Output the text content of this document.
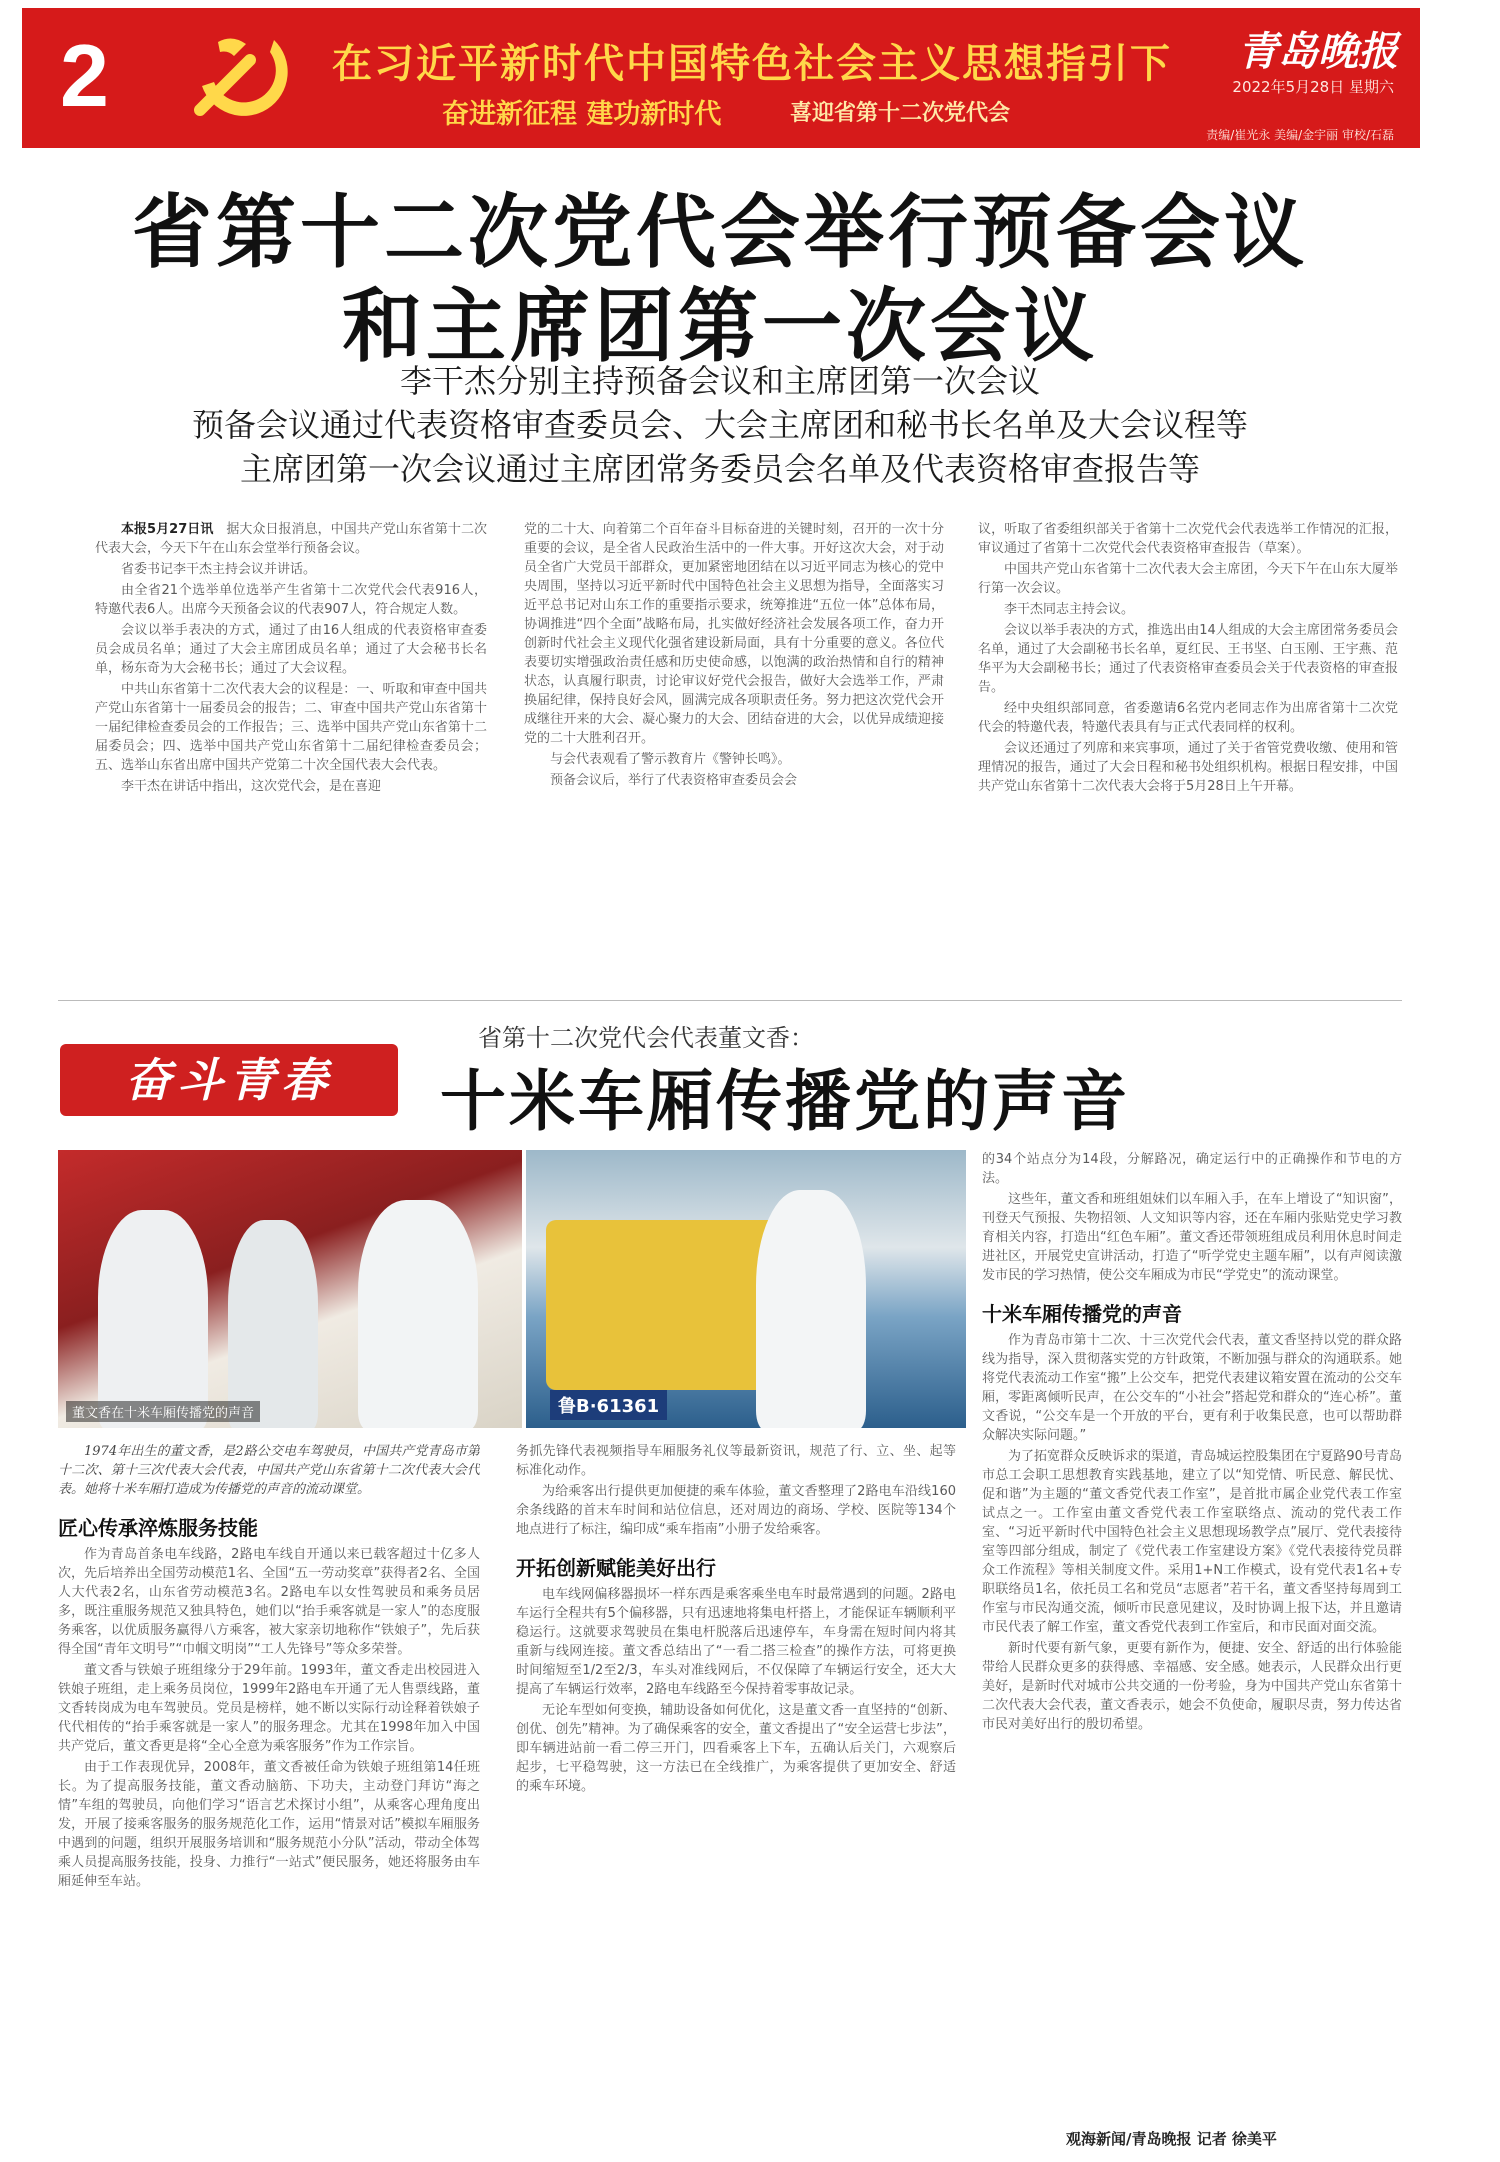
2	在习近平新时代中国特色社会主义思想指引下
奋进新征程 建功新时代	喜迎省第十二次党代会
青岛晚报
2022年5月28日 星期六
责编/崔光永 美编/金宇丽 审校/石磊
省第十二次党代会举行预备会议
和主席团第一次会议
李干杰分别主持预备会议和主席团第一次会议
预备会议通过代表资格审查委员会、大会主席团和秘书长名单及大会议程等
主席团第一次会议通过主席团常务委员会名单及代表资格审查报告等

本报5月27日讯　 据大众日报消息，中国共产党山东省第十二次代表大会，今天下午在山东会堂举行预备会议。

省委书记李干杰主持会议并讲话。

由全省21个选举单位选举产生省第十二次党代会代表916人，特邀代表6人。出席今天预备会议的代表907人，符合规定人数。

会议以举手表决的方式，通过了由16人组成的代表资格审查委员会成员名单；通过了大会主席团成员名单；通过了大会秘书长名单，杨东奇为大会秘书长；通过了大会议程。

中共山东省第十二次代表大会的议程是：一、听取和审查中国共产党山东省第十一届委员会的报告；二、审查中国共产党山东省第十一届纪律检查委员会的工作报告；三、选举中国共产党山东省第十二届委员会；四、选举中国共产党山东省第十二届纪律检查委员会；五、选举山东省出席中国共产党第二十次全国代表大会代表。

李干杰在讲话中指出，这次党代会，是在喜迎

党的二十大、向着第二个百年奋斗目标奋进的关键时刻，召开的一次十分重要的会议，是全省人民政治生活中的一件大事。开好这次大会，对于动员全省广大党员干部群众，更加紧密地团结在以习近平同志为核心的党中央周围，坚持以习近平新时代中国特色社会主义思想为指导，全面落实习近平总书记对山东工作的重要指示要求，统筹推进“五位一体”总体布局，协调推进“四个全面”战略布局，扎实做好经济社会发展各项工作，奋力开创新时代社会主义现代化强省建设新局面，具有十分重要的意义。各位代表要切实增强政治责任感和历史使命感，以饱满的政治热情和自行的精神状态，认真履行职责，讨论审议好党代会报告，做好大会选举工作，严肃换届纪律，保持良好会风，圆满完成各项职责任务。努力把这次党代会开成继往开来的大会、凝心聚力的大会、团结奋进的大会，以优异成绩迎接党的二十大胜利召开。

与会代表观看了警示教育片《警钟长鸣》。

预备会议后，举行了代表资格审查委员会会

议，听取了省委组织部关于省第十二次党代会代表选举工作情况的汇报，审议通过了省第十二次党代会代表资格审查报告（草案）。

中国共产党山东省第十二次代表大会主席团，今天下午在山东大厦举行第一次会议。

李干杰同志主持会议。

会议以举手表决的方式，推选出由14人组成的大会主席团常务委员会名单，通过了大会副秘书长名单，夏红民、王书坚、白玉刚、王宇燕、范华平为大会副秘书长；通过了代表资格审查委员会关于代表资格的审查报告。

经中央组织部同意，省委邀请6名党内老同志作为出席省第十二次党代会的特邀代表，特邀代表具有与正式代表同样的权利。

会议还通过了列席和来宾事项，通过了关于省管党费收缴、使用和管理情况的报告，通过了大会日程和秘书处组织机构。根据日程安排，中国共产党山东省第十二次代表大会将于5月28日上午开幕。

省第十二次党代会代表董文香：
奋斗青春	十米车厢传播党的声音
董文香在十米车厢传播党的声音	鲁B·61361

1974年出生的董文香，是2路公交电车驾驶员，中国共产党青岛市第十二次、第十三次代表大会代表，中国共产党山东省第十二次代表大会代表。她将十米车厢打造成为传播党的声音的流动课堂。

匠心传承淬炼服务技能

作为青岛首条电车线路，2路电车线自开通以来已载客超过十亿多人次，先后培养出全国劳动模范1名、全国“五一劳动奖章”获得者2名、全国人大代表2名，山东省劳动模范3名。2路电车以女性驾驶员和乘务员居多，既注重服务规范又独具特色，她们以“抬手乘客就是一家人”的态度服务乘客，以优质服务赢得八方乘客，被大家亲切地称作“铁娘子”，先后获得全国“青年文明号”“巾帼文明岗”“工人先锋号”等众多荣誉。

董文香与铁娘子班组缘分于29年前。1993年，董文香走出校园进入铁娘子班组，走上乘务员岗位，1999年2路电车开通了无人售票线路，董文香转岗成为电车驾驶员。党员是榜样，她不断以实际行动诠释着铁娘子代代相传的“抬手乘客就是一家人”的服务理念。尤其在1998年加入中国共产党后，董文香更是将“全心全意为乘客服务”作为工作宗旨。

由于工作表现优异，2008年，董文香被任命为铁娘子班组第14任班长。为了提高服务技能，董文香动脑筋、下功夫，主动登门拜访“海之情”车组的驾驶员，向他们学习“语言艺术探讨小组”，从乘客心理角度出发，开展了接乘客服务的服务规范化工作，运用“情景对话”模拟车厢服务中遇到的问题，组织开展服务培训和“服务规范小分队”活动，带动全体驾乘人员提高服务技能，投身、力推行“一站式”便民服务，她还将服务由车厢延伸至车站。

务抓先锋代表视频指导车厢服务礼仪等最新资讯，规范了行、立、坐、起等标准化动作。

为给乘客出行提供更加便捷的乘车体验，董文香整理了2路电车沿线160余条线路的首末车时间和站位信息，还对周边的商场、学校、医院等134个地点进行了标注，编印成“乘车指南”小册子发给乘客。

开拓创新赋能美好出行

电车线网偏移器损坏一样东西是乘客乘坐电车时最常遇到的问题。2路电车运行全程共有5个偏移器，只有迅速地将集电杆搭上，才能保证车辆顺利平稳运行。这就要求驾驶员在集电杆脱落后迅速停车，车身需在短时间内将其重新与线网连接。董文香总结出了“一看二搭三检查”的操作方法，可将更换时间缩短至1/2至2/3，车头对准线网后，不仅保障了车辆运行安全，还大大提高了车辆运行效率，2路电车线路至今保持着零事故记录。

无论车型如何变换，辅助设备如何优化，这是董文香一直坚持的“创新、创优、创先”精神。为了确保乘客的安全，董文香提出了“安全运营七步法”，即车辆进站前一看二停三开门，四看乘客上下车，五确认后关门，六观察后起步，七平稳驾驶，这一方法已在全线推广，为乘客提供了更加安全、舒适的乘车环境。

的34个站点分为14段，分解路况，确定运行中的正确操作和节电的方法。

这些年，董文香和班组姐妹们以车厢入手，在车上增设了“知识窗”，刊登天气预报、失物招领、人文知识等内容，还在车厢内张贴党史学习教育相关内容，打造出“红色车厢”。董文香还带领班组成员利用休息时间走进社区，开展党史宣讲活动，打造了“听学党史主题车厢”，以有声阅读激发市民的学习热情，使公交车厢成为市民“学党史”的流动课堂。

十米车厢传播党的声音

作为青岛市第十二次、十三次党代会代表，董文香坚持以党的群众路线为指导，深入贯彻落实党的方针政策，不断加强与群众的沟通联系。她将党代表流动工作室“搬”上公交车，把党代表建议箱安置在流动的公交车厢，零距离倾听民声，在公交车的“小社会”搭起党和群众的“连心桥”。董文香说，“公交车是一个开放的平台，更有利于收集民意，也可以帮助群众解决实际问题。”

为了拓宽群众反映诉求的渠道，青岛城运控股集团在宁夏路90号青岛市总工会职工思想教育实践基地，建立了以“知党情、听民意、解民忧、促和谐”为主题的“董文香党代表工作室”，是首批市属企业党代表工作室试点之一。工作室由董文香党代表工作室联络点、流动的党代表工作室、“习近平新时代中国特色社会主义思想现场教学点”展厅、党代表接待室等四部分组成，制定了《党代表工作室建设方案》《党代表接待党员群众工作流程》等相关制度文件。采用1+N工作模式，设有党代表1名+专职联络员1名，依托员工名和党员“志愿者”若干名，董文香坚持每周到工作室与市民沟通交流，倾听市民意见建议，及时协调上报下达，并且邀请市民代表了解工作室，董文香党代表到工作室后，和市民面对面交流。

新时代要有新气象，更要有新作为，便捷、安全、舒适的出行体验能带给人民群众更多的获得感、幸福感、安全感。她表示，人民群众出行更美好，是新时代对城市公共交通的一份考验，身为中国共产党山东省第十二次代表大会代表，董文香表示，她会不负使命，履职尽责，努力传达省市民对美好出行的殷切希望。

观海新闻/青岛晚报 记者 徐美平
